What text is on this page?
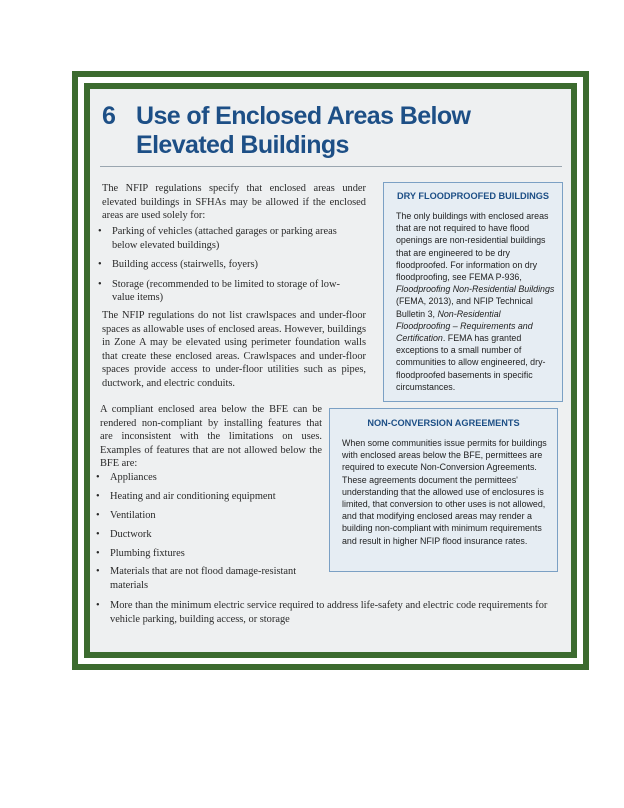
6 Use of Enclosed Areas Below Elevated Buildings

The NFIP regulations specify that enclosed areas under elevated buildings in SFHAs may be allowed if the enclosed areas are used solely for:

• Parking of vehicles (attached garages or parking areas below elevated buildings)
• Building access (stairwells, foyers)
• Storage (recommended to be limited to storage of low-value items)

The NFIP regulations do not list crawlspaces and under-floor spaces as allowable uses of enclosed areas. However, buildings in Zone A may be elevated using perimeter foundation walls that create these enclosed areas. Crawlspaces and under-floor spaces provide access to under-floor utilities such as pipes, ductwork, and electric conduits.

A compliant enclosed area below the BFE can be rendered non-compliant by installing features that are inconsistent with the limitations on uses. Examples of features that are not allowed below the BFE are:

• Appliances
• Heating and air conditioning equipment
• Ventilation
• Ductwork
• Plumbing fixtures
• Materials that are not flood damage-resistant materials
• More than the minimum electric service required to address life-safety and electric code requirements for vehicle parking, building access, or storage
DRY FLOODPROOFED BUILDINGS
The only buildings with enclosed areas that are not required to have flood openings are non-residential buildings that are engineered to be dry floodproofed. For information on dry floodproofing, see FEMA P-936, Floodproofing Non-Residential Buildings (FEMA, 2013), and NFIP Technical Bulletin 3, Non-Residential Floodproofing – Requirements and Certification. FEMA has granted exceptions to a small number of communities to allow engineered, dry-floodproofed basements in specific circumstances.
NON-CONVERSION AGREEMENTS
When some communities issue permits for buildings with enclosed areas below the BFE, permittees are required to execute Non-Conversion Agreements. These agreements document the permittees' understanding that the allowed use of enclosures is limited, that conversion to other uses is not allowed, and that modifying enclosed areas may render a building non-compliant with minimum requirements and result in higher NFIP flood insurance rates.
